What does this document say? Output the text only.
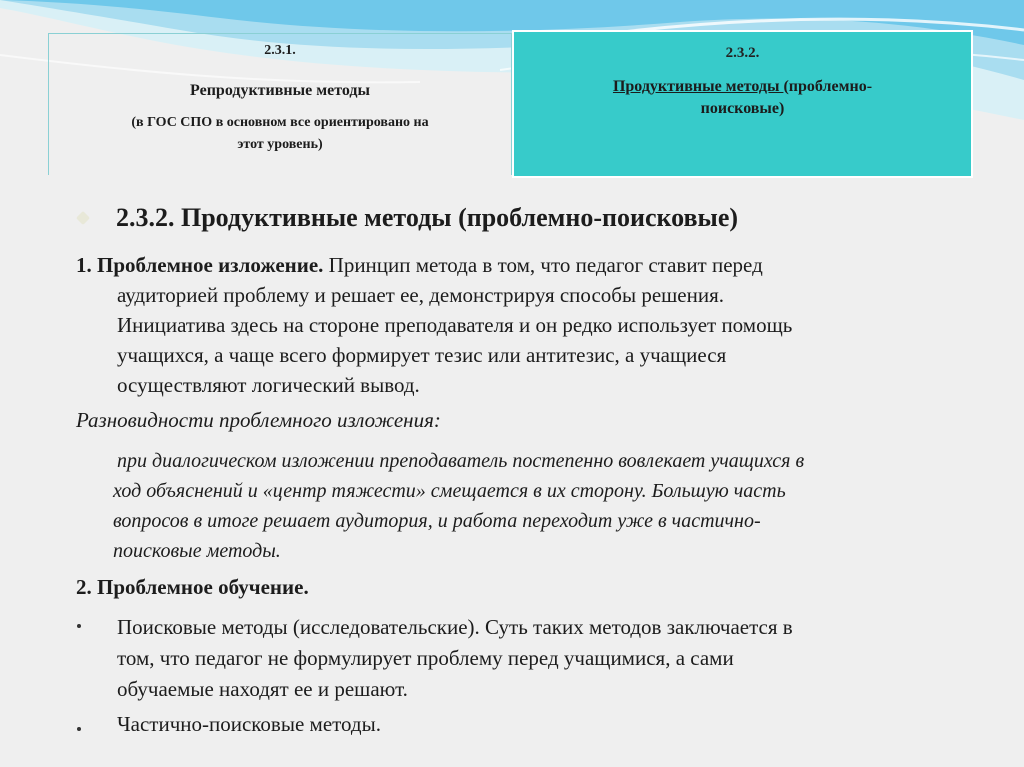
2.3.1.
Репродуктивные методы
(в ГОС СПО в основном все ориентировано на
этот уровень)
2.3.2.
Продуктивные методы (проблемно-
поисковые)
2.3.2. Продуктивные методы (проблемно-поисковые)
1. Проблемное изложение. Принцип метода в том, что педагог ставит перед
аудиторией проблему и решает ее, демонстрируя способы решения.
Инициатива здесь на стороне преподавателя и он редко использует помощь
учащихся, а чаще всего формирует тезис или антитезис, а учащиеся
осуществляют логический вывод.
Разновидности проблемного изложения:
при диалогическом изложении преподаватель постепенно вовлекает учащихся в
ход объяснений и «центр тяжести» смещается в их сторону. Большую часть
вопросов в итоге решает аудитория, и работа переходит уже в частично-
поисковые методы.
2. Проблемное обучение.
Поисковые методы (исследовательские). Суть таких методов заключается в
том, что педагог не формулирует проблему перед учащимися, а сами
обучаемые находят ее и решают.
Частично-поисковые методы.
